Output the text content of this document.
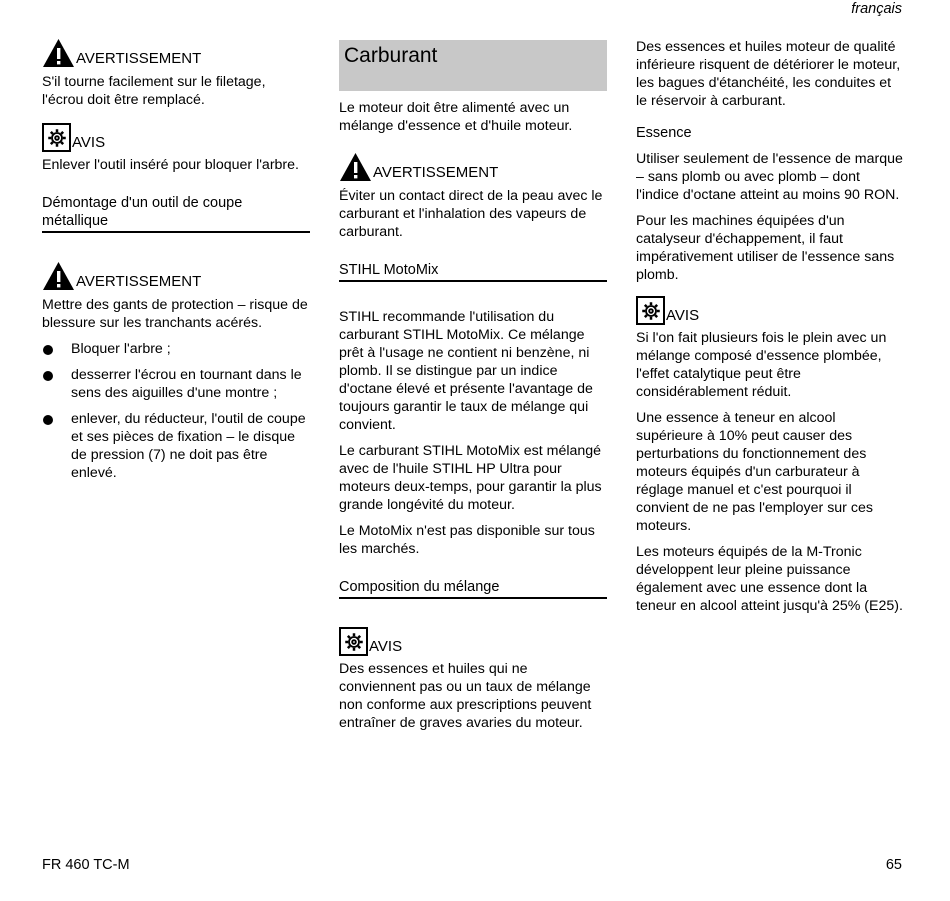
français
AVERTISSEMENT

S'il tourne facilement sur le filetage, l'écrou doit être remplacé.

AVIS

Enlever l'outil inséré pour bloquer l'arbre.

Démontage d'un outil de coupe métallique
AVERTISSEMENT

Mettre des gants de protection – risque de blessure sur les tranchants acérés.

Bloquer l'arbre ;
desserrer l'écrou en tournant dans le sens des aiguilles d'une montre ;
enlever, du réducteur, l'outil de coupe et ses pièces de fixation – le disque de pression (7) ne doit pas être enlevé.
Carburant

Le moteur doit être alimenté avec un mélange d'essence et d'huile moteur.

AVERTISSEMENT

Éviter un contact direct de la peau avec le carburant et l'inhalation des vapeurs de carburant.

STIHL MotoMix

STIHL recommande l'utilisation du carburant STIHL MotoMix. Ce mélange prêt à l'usage ne contient ni benzène, ni plomb. Il se distingue par un indice d'octane élevé et présente l'avantage de toujours garantir le taux de mélange qui convient.

Le carburant STIHL MotoMix est mélangé avec de l'huile STIHL HP Ultra pour moteurs deux-temps, pour garantir la plus grande longévité du moteur.

Le MotoMix n'est pas disponible sur tous les marchés.

Composition du mélange
AVIS

Des essences et huiles qui ne conviennent pas ou un taux de mélange non conforme aux prescriptions peuvent entraîner de graves avaries du moteur.

Des essences et huiles moteur de qualité inférieure risquent de détériorer le moteur, les bagues d'étanchéité, les conduites et le réservoir à carburant.

Essence

Utiliser seulement de l'essence de marque – sans plomb ou avec plomb – dont l'indice d'octane atteint au moins 90 RON.

Pour les machines équipées d'un catalyseur d'échappement, il faut impérativement utiliser de l'essence sans plomb.

AVIS

Si l'on fait plusieurs fois le plein avec un mélange composé d'essence plombée, l'effet catalytique peut être considérablement réduit.

Une essence à teneur en alcool supérieure à 10% peut causer des perturbations du fonctionnement des moteurs équipés d'un carburateur à réglage manuel et c'est pourquoi il convient de ne pas l'employer sur ces moteurs.

Les moteurs équipés de la M-Tronic développent leur pleine puissance également avec une essence dont la teneur en alcool atteint jusqu'à 25% (E25).

FR 460 TC-M	65
